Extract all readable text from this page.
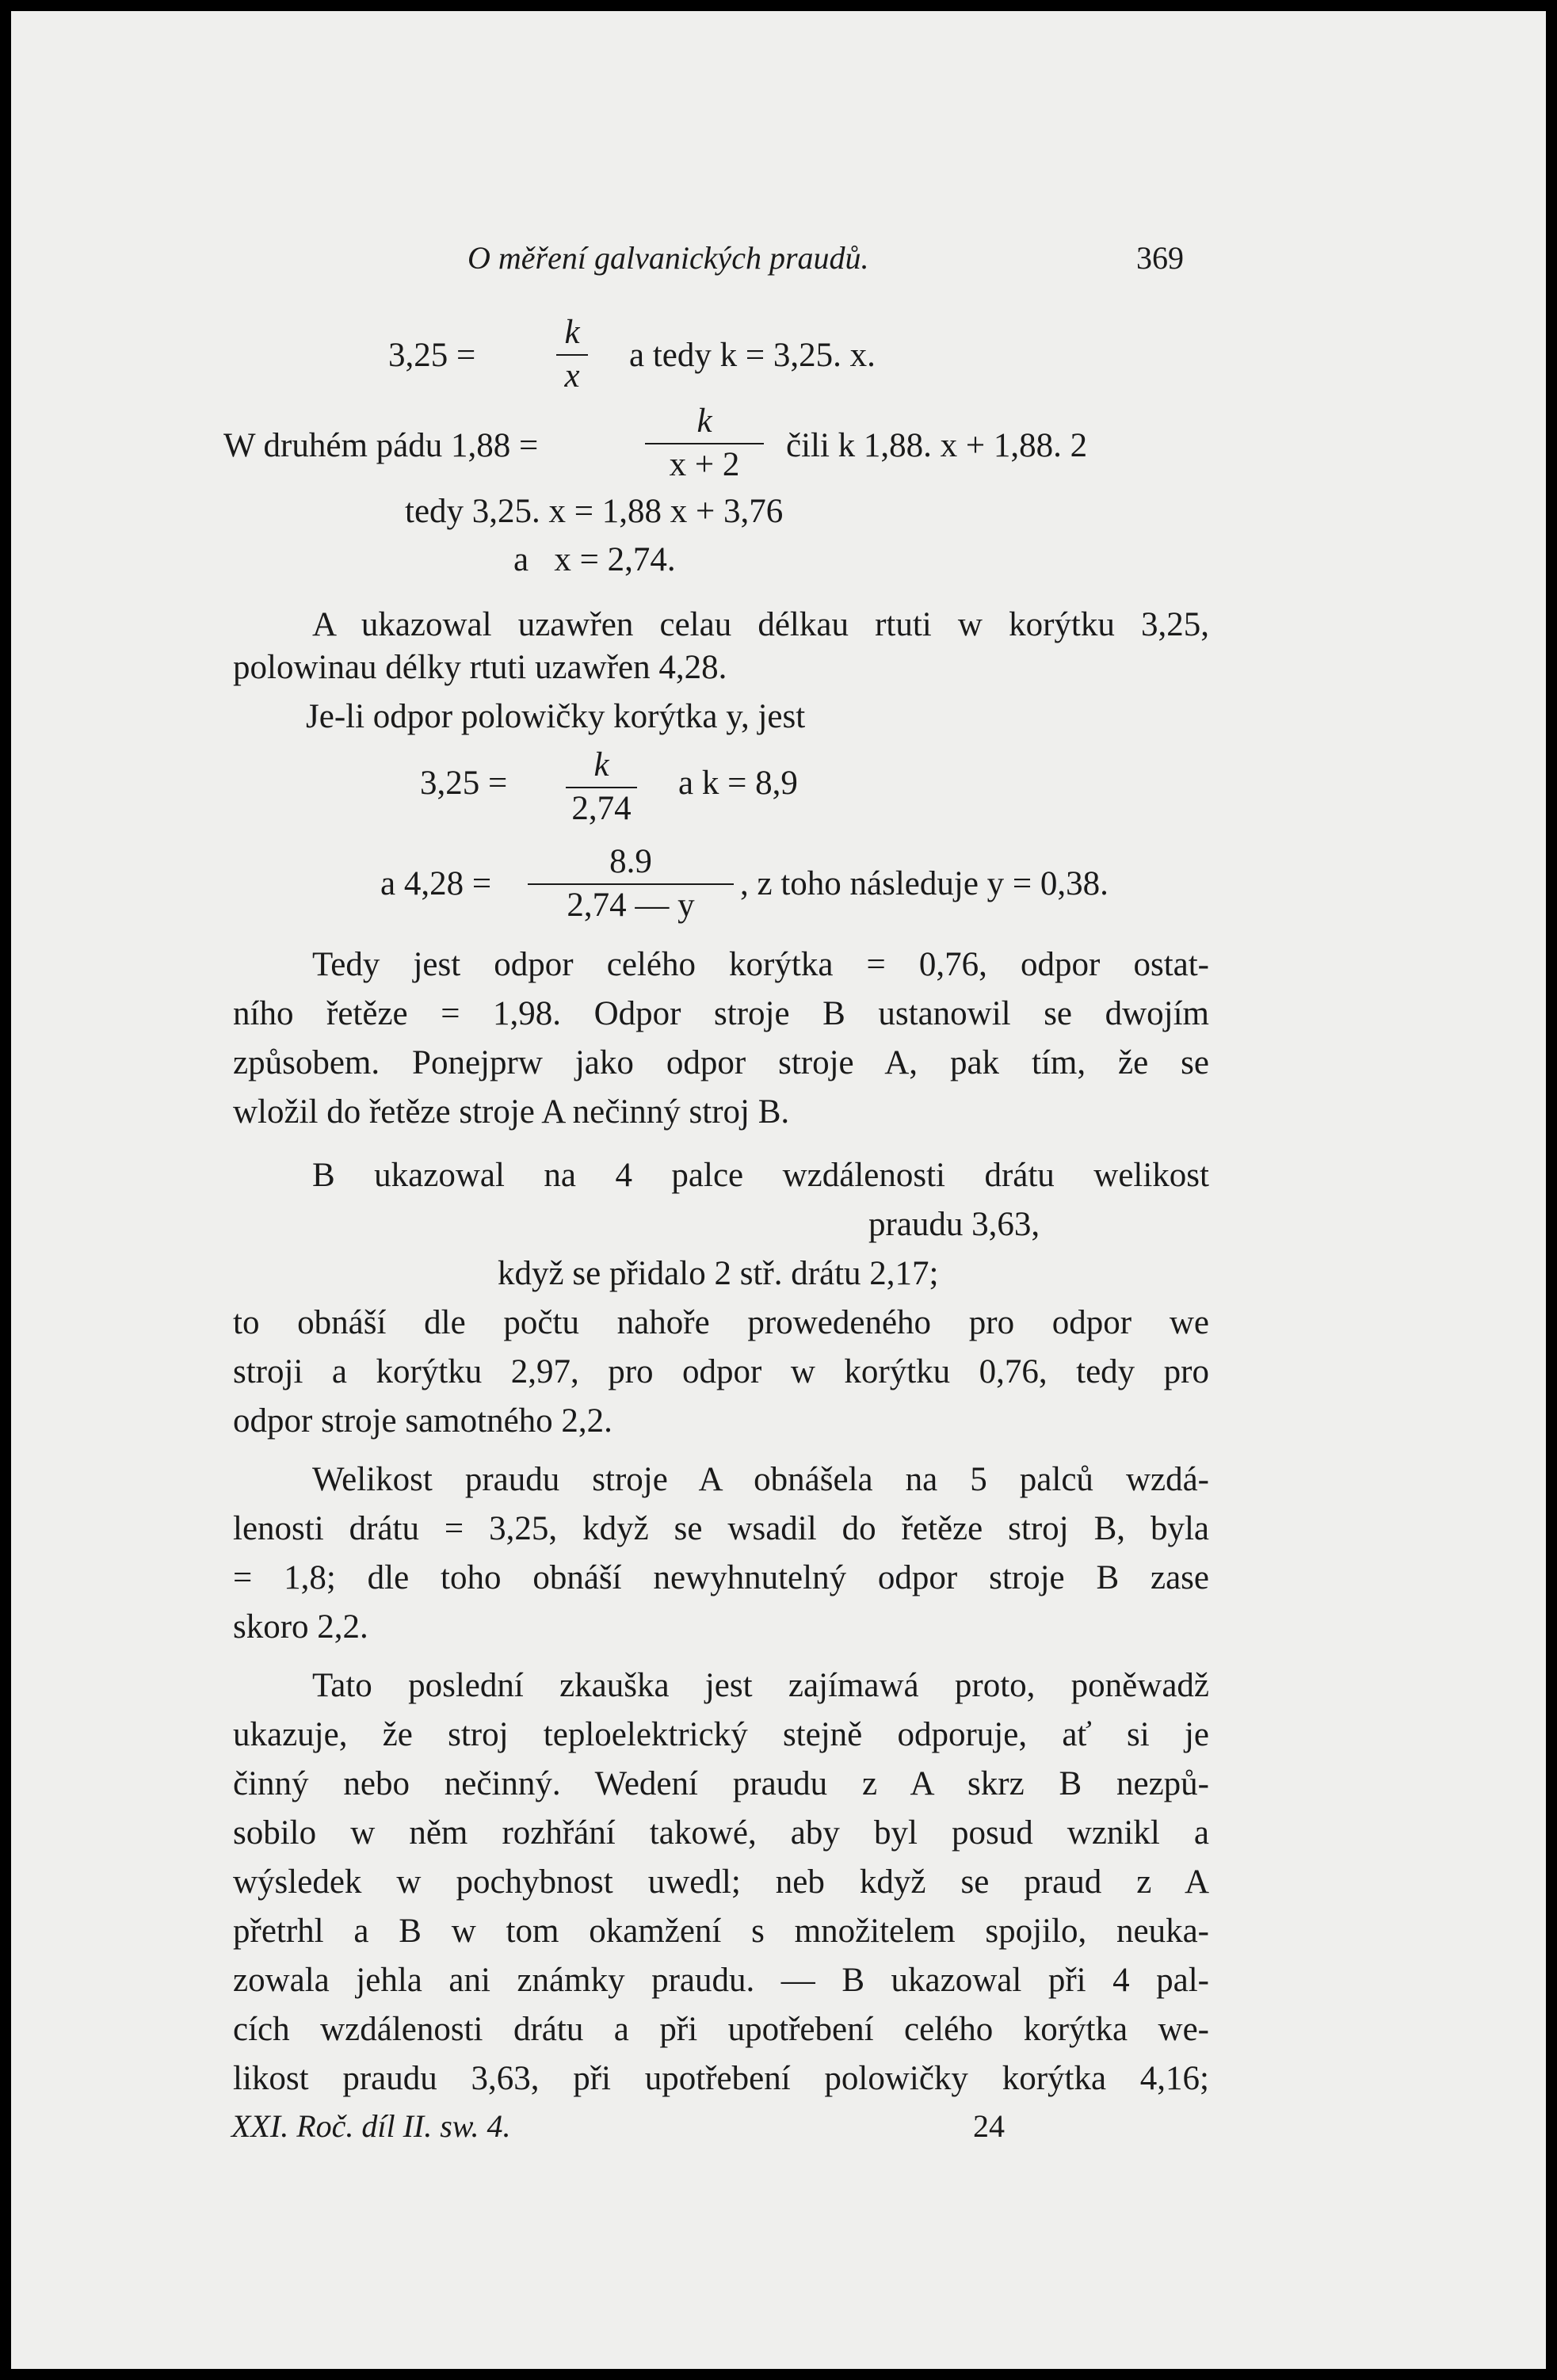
O měření galvanických praudů.	369
3,25 =
k
x
a tedy k = 3,25. x.
W druhém pádu 1,88 =
k
x + 2
čili k 1,88. x + 1,88. 2
tedy 3,25. x = 1,88 x + 3,76
a   x = 2,74.
A ukazowal uzawřen celau délkau rtuti w korýtku 3,25,
polowinau délky rtuti uzawřen 4,28.
Je-li odpor polowičky korýtka y, jest
3,25 =	k
2,74
a k = 8,9
a 4,28 =
8.9
2,74 — y
, z toho následuje y = 0,38.
Tedy jest odpor celého korýtka = 0,76, odpor ostat-
ního řetěze = 1,98. Odpor stroje B ustanowil se dwojím
způsobem. Ponejprw jako odpor stroje A, pak tím, že se
wložil do řetěze stroje A nečinný stroj B.
B ukazowal na 4 palce wzdálenosti drátu welikost
praudu 3,63,
když se přidalo 2 stř. drátu 2,17;
to obnáší dle počtu nahoře prowedeného pro odpor we
stroji a korýtku 2,97, pro odpor w korýtku 0,76, tedy pro
odpor stroje samotného 2,2.
Welikost praudu stroje A obnášela na 5 palců wzdá-
lenosti drátu = 3,25, když se wsadil do řetěze stroj B, byla
= 1,8; dle toho obnáší newyhnutelný odpor stroje B zase
skoro 2,2.
Tato poslední zkauška jest zajímawá proto, poněwadž
ukazuje, že stroj teploelektrický stejně odporuje, ať si je
činný nebo nečinný. Wedení praudu z A skrz B nezpů-
sobilo w něm rozhřání takowé, aby byl posud wznikl a
wýsledek w pochybnost uwedl; neb když se praud z A
přetrhl a B w tom okamžení s množitelem spojilo, neuka-
zowala jehla ani známky praudu. — B ukazowal při 4 pal-
cích wzdálenosti drátu a při upotřebení celého korýtka we-
likost praudu 3,63, při upotřebení polowičky korýtka 4,16;
XXI. Roč. díl II. sw. 4.	24
